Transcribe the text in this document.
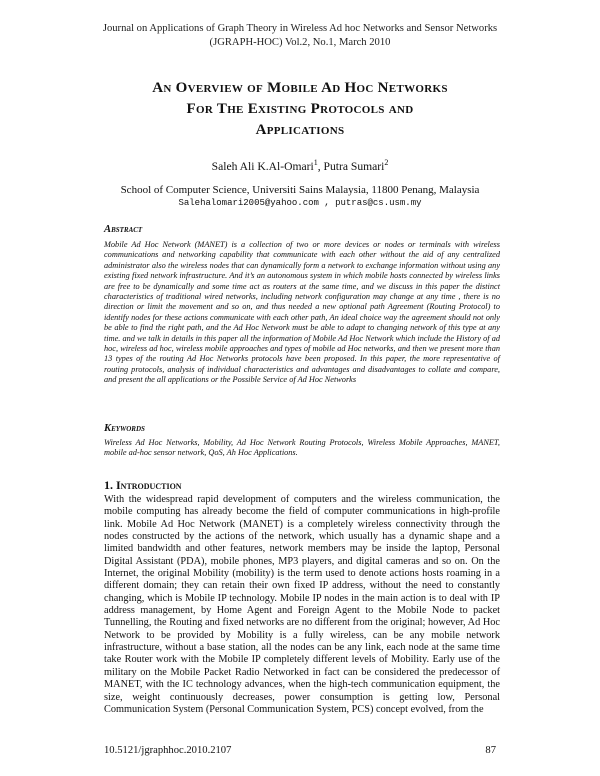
Journal on Applications of Graph Theory in Wireless Ad hoc Networks and Sensor Networks
(JGRAPH-HOC) Vol.2, No.1, March 2010
An Overview of Mobile Ad Hoc Networks
For The Existing Protocols and
Applications
Saleh Ali K.Al-Omari$^1$, Putra Sumari$^2$
School of Computer Science, Universiti Sains Malaysia, 11800 Penang, Malaysia
Salehalomari2005@yahoo.com , putras@cs.usm.my
Abstract
Mobile Ad Hoc Network (MANET) is a collection of two or more devices or nodes or terminals with wireless communications and networking capability that communicate with each other without the aid of any centralized administrator also the wireless nodes that can dynamically form a network to exchange information without using any existing fixed network infrastructure. And it’s an autonomous system in which mobile hosts connected by wireless links are free to be dynamically and some time act as routers at the same time, and we discuss in this paper the distinct characteristics of traditional wired networks, including network configuration may change at any time , there is no direction or limit the movement and so on, and thus needed a new optional path Agreement (Routing Protocol) to identify nodes for these actions communicate with each other path, An ideal choice way the agreement should not only be able to find the right path, and the Ad Hoc Network must be able to adapt to changing network of this type at any time. and we talk in details in this paper all the information of Mobile Ad Hoc Network which include the History of ad hoc, wireless ad hoc, wireless mobile approaches and types of mobile ad Hoc networks, and then we present more than 13 types of the routing Ad Hoc Networks protocols have been proposed. In this paper, the more representative of routing protocols, analysis of individual characteristics and advantages and disadvantages to collate and compare, and present the all applications or the Possible Service of Ad Hoc Networks
Keywords
Wireless Ad Hoc Networks, Mobility, Ad Hoc Network Routing Protocols, Wireless Mobile Approaches, MANET, mobile ad-hoc sensor network, QoS, Ah Hoc Applications.
1. Introduction
With the widespread rapid development of computers and the wireless communication, the mobile computing has already become the field of computer communications in high-profile link. Mobile Ad Hoc Network (MANET) is a completely wireless connectivity through the nodes constructed by the actions of the network, which usually has a dynamic shape and a limited bandwidth and other features, network members may be inside the laptop, Personal Digital Assistant (PDA), mobile phones, MP3 players, and digital cameras and so on. On the Internet, the original Mobility (mobility) is the term used to denote actions hosts roaming in a different domain; they can retain their own fixed IP address, without the need to constantly changing, which is Mobile IP technology. Mobile IP nodes in the main action is to deal with IP address management, by Home Agent and Foreign Agent to the Mobile Node to packet Tunnelling, the Routing and fixed networks are no different from the original; however, Ad Hoc Network to be provided by Mobility is a fully wireless, can be any mobile network infrastructure, without a base station, all the nodes can be any link, each node at the same time take Router work with the Mobile IP completely different levels of Mobility. Early use of the military on the Mobile Packet Radio Networked in fact can be considered the predecessor of MANET, with the IC technology advances, when the high-tech communication equipment, the size, weight continuously decreases, power consumption is getting low, Personal Communication System (Personal Communication System, PCS) concept evolved, from the
10.5121/jgraphhoc.2010.2107	87
